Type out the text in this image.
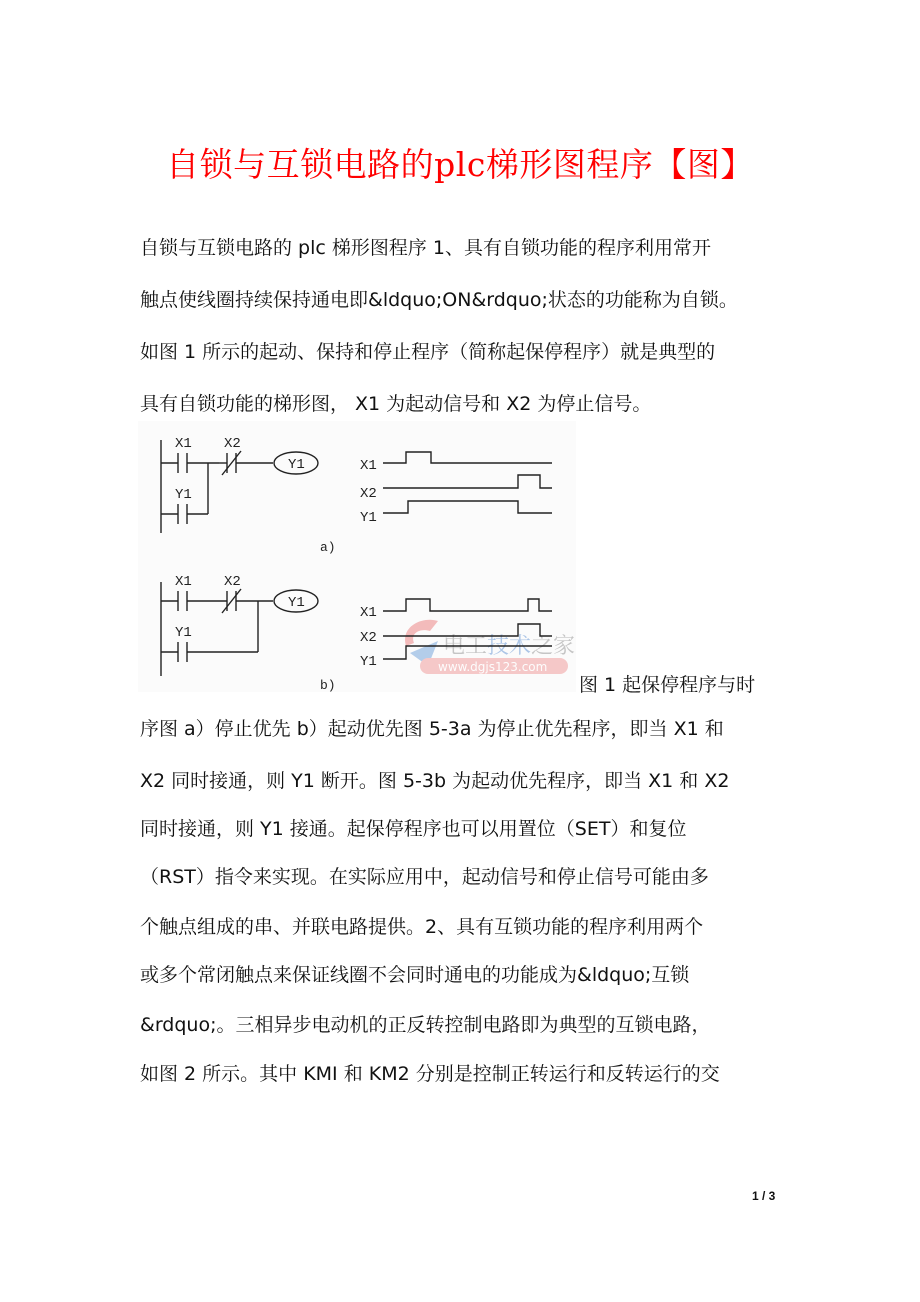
自锁与互锁电路的plc梯形图程序【图】
自锁与互锁电路的 plc 梯形图程序 1、具有自锁功能的程序利用常开
触点使线圈持续保持通电即&ldquo;ON&rdquo;状态的功能称为自锁。
如图 1 所示的起动、保持和停止程序（简称起保停程序）就是典型的
具有自锁功能的梯形图， X1 为起动信号和 X2 为停止信号。
X1 X2
Y1
Y1	X1
X2
Y1
a)
X1 X2
Y1
Y1
www.dgjs123.com
电工技术之家
X1
X2
Y1
b)	图 1 起保停程序与时
序图 a）停止优先 b）起动优先图 5-3a 为停止优先程序，即当 X1 和
X2 同时接通，则 Y1 断开。图 5-3b 为起动优先程序，即当 X1 和 X2
同时接通，则 Y1 接通。起保停程序也可以用置位（SET）和复位
（RST）指令来实现。在实际应用中，起动信号和停止信号可能由多
个触点组成的串、并联电路提供。2、具有互锁功能的程序利用两个
或多个常闭触点来保证线圈不会同时通电的功能成为&ldquo;互锁
&rdquo;。三相异步电动机的正反转控制电路即为典型的互锁电路，
如图 2 所示。其中 KMI 和 KM2 分别是控制正转运行和反转运行的交
1 / 3
